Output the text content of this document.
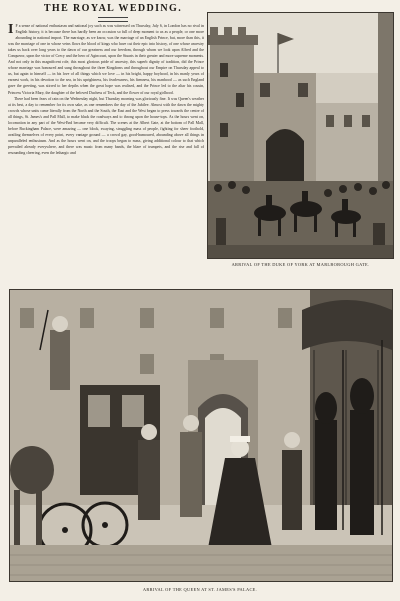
THE ROYAL WEDDING.

I F a sense of national enthusiasm and national joy such as was witnessed on Thursday, July 6, in London has no rival in English history, it is because there has hardly been an occasion so full of deep moment to us as a people, or one more abounding in national import. The marriage, as we know, was the marriage of an English Prince, but, more than this, it was the marriage of one in whose veins flows the blood of kings who have cut their epic into history, of one whose ancestry takes us back over long years to the dawn of our greatness and our freedom, through whom we look upon Alfred and the Conqueror, upon the victor of Crecy and the hero of Agincourt, upon the Stuarts in their greater and more supreme moments. And not only in this magnificent role, this most glorious pride of ancestry, this superb dignity of tradition, did the Prince whose marriage was honoured and sung throughout the three Kingdoms and throughout our Empire on Thursday appeal to us, but again to himself — in his love of all things which we love — in his bright, happy boyhood, in his manly years of earnest work, in his devotion to the sea, in his uprightness, his fearlessness, his firmness, his manhood — as such England gave the greeting, was stirred to her depths when the great hope was realised, and the Prince led to the altar his cousin, Princess Victoria Mary, the daughter of the beloved Duchess of Teck, and the flower of our royal girlhood.

There had been fears of rain on the Wednesday night, but Thursday morning was gloriously fine. It was Queen's weather at its best, a day to remember for its own sake, as one remembers the day of the Jubilee. Almost with the dawn the mighty crowds whose units came literally from the North and the South, the East and the West began to press towards the centre of all things, St. James's and Pall Mall, to make black the roadways and to throng upon the house-tops. As the hours went on, locomotion in any part of the West-End became very difficult. The scenes at the Albert Gate, at the bottom of Pall Mall, before Buckingham Palace, were amazing — one block, swaying, struggling mass of people, fighting for sheer foothold, availing themselves of every point, every vantage ground — a crowd gay, good-humoured, abounding above all things in unparalleled enthusiasm. And as the hours went on, and the troops began to mass, giving additional colour to that which prevailed already everywhere, and there was music from many bands, the blare of trumpets, and the rise and fall of resounding cheering, even the lethargic and

ARRIVAL OF THE DUKE OF YORK AT MARLBOROUGH GATE.

ARRIVAL OF THE QUEEN AT ST. JAMES'S PALACE.
